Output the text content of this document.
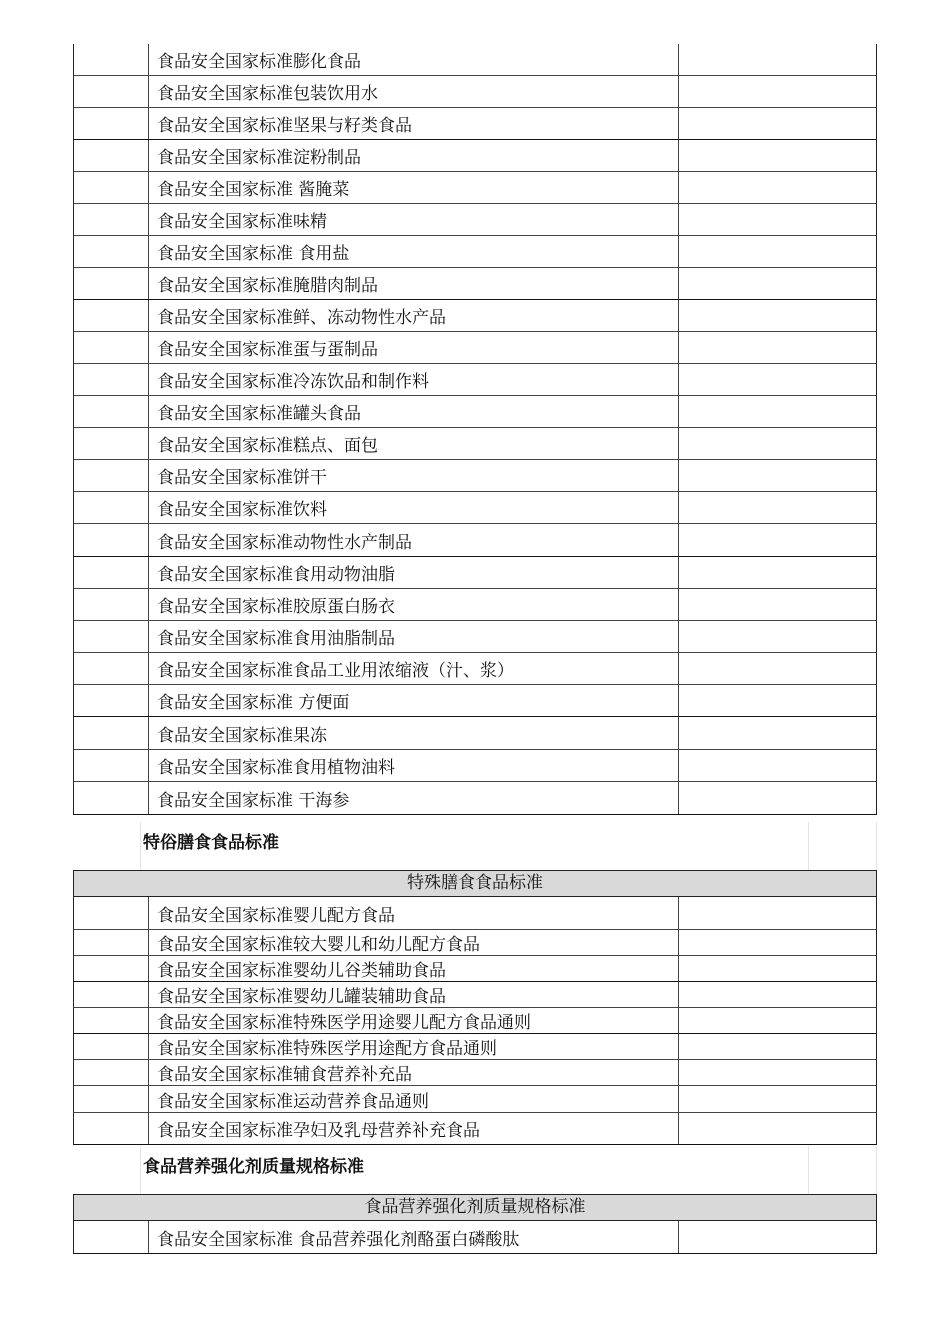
食品安全国家标准膨化食品
食品安全国家标准包装饮用水
食品安全国家标准坚果与籽类食品
食品安全国家标准淀粉制品
食品安全国家标准 酱腌菜
食品安全国家标准味精
食品安全国家标准 食用盐
食品安全国家标准腌腊肉制品
食品安全国家标准鲜、冻动物性水产品
食品安全国家标准蛋与蛋制品
食品安全国家标准冷冻饮品和制作料
食品安全国家标准罐头食品
食品安全国家标准糕点、面包
食品安全国家标准饼干
食品安全国家标准饮料
食品安全国家标准动物性水产制品
食品安全国家标准食用动物油脂
食品安全国家标准胶原蛋白肠衣
食品安全国家标准食用油脂制品
食品安全国家标准食品工业用浓缩液（汁、浆）
食品安全国家标准 方便面
食品安全国家标准果冻
食品安全国家标准食用植物油料
食品安全国家标准 干海参
特俗膳食食品标准
特殊膳食食品标准
食品安全国家标准婴儿配方食品
食品安全国家标准较大婴儿和幼儿配方食品
食品安全国家标准婴幼儿谷类辅助食品
食品安全国家标准婴幼儿罐装辅助食品
食品安全国家标准特殊医学用途婴儿配方食品通则
食品安全国家标准特殊医学用途配方食品通则
食品安全国家标准辅食营养补充品
食品安全国家标准运动营养食品通则
食品安全国家标准孕妇及乳母营养补充食品
食品营养强化剂质量规格标准
食品营养强化剂质量规格标准
食品安全国家标准 食品营养强化剂酪蛋白磷酸肽
